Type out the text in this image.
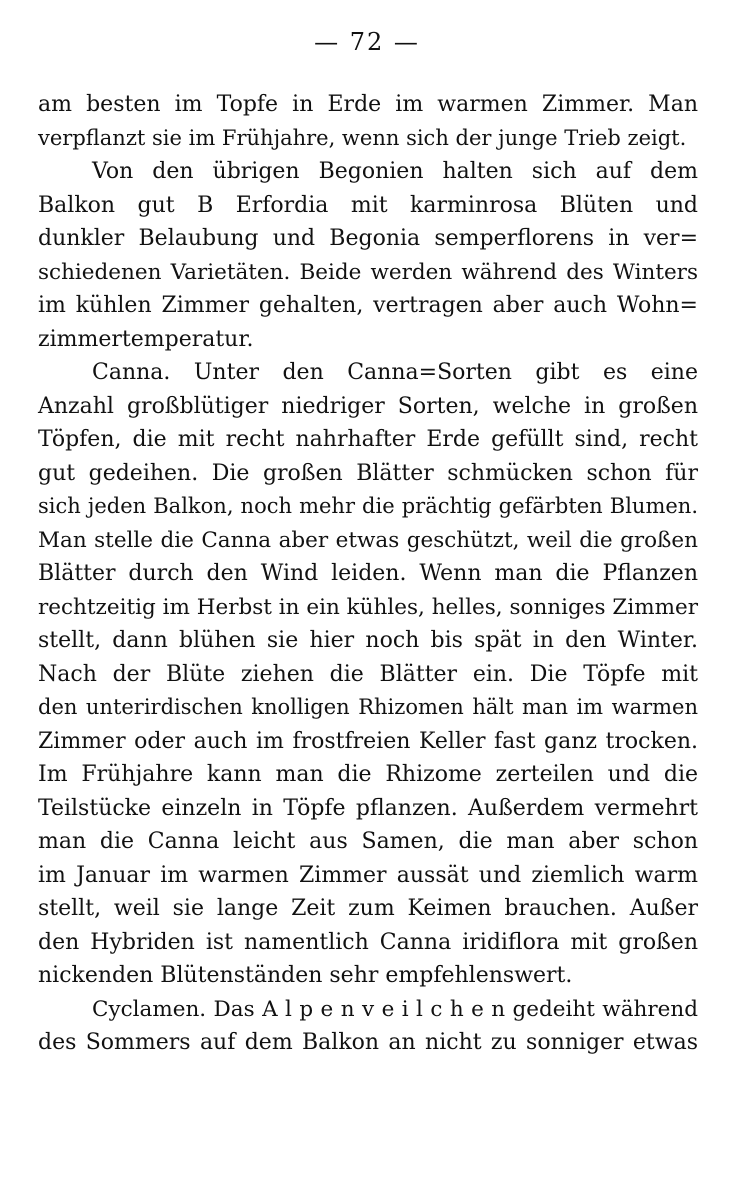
— 72 —
am besten im Topfe in Erde im warmen Zimmer. Man
verpflanzt sie im Frühjahre, wenn sich der junge Trieb zeigt.
Von den übrigen Begonien halten sich auf dem
Balkon gut B Erfordia mit karminrosa Blüten und
dunkler Belaubung und Begonia semperflorens in ver=
schiedenen Varietäten. Beide werden während des Winters
im kühlen Zimmer gehalten, vertragen aber auch Wohn=
zimmertemperatur.
Canna. Unter den Canna=Sorten gibt es eine
Anzahl großblütiger niedriger Sorten, welche in großen
Töpfen, die mit recht nahrhafter Erde gefüllt sind, recht
gut gedeihen. Die großen Blätter schmücken schon für
sich jeden Balkon, noch mehr die prächtig gefärbten Blumen.
Man stelle die Canna aber etwas geschützt, weil die großen
Blätter durch den Wind leiden. Wenn man die Pflanzen
rechtzeitig im Herbst in ein kühles, helles, sonniges Zimmer
stellt, dann blühen sie hier noch bis spät in den Winter.
Nach der Blüte ziehen die Blätter ein. Die Töpfe mit
den unterirdischen knolligen Rhizomen hält man im warmen
Zimmer oder auch im frostfreien Keller fast ganz trocken.
Im Frühjahre kann man die Rhizome zerteilen und die
Teilstücke einzeln in Töpfe pflanzen. Außerdem vermehrt
man die Canna leicht aus Samen, die man aber schon
im Januar im warmen Zimmer aussät und ziemlich warm
stellt, weil sie lange Zeit zum Keimen brauchen. Außer
den Hybriden ist namentlich Canna iridiflora mit großen
nickenden Blütenständen sehr empfehlenswert.
Cyclamen. Das A l p e n v e i l c h e n gedeiht während
des Sommers auf dem Balkon an nicht zu sonniger etwas
